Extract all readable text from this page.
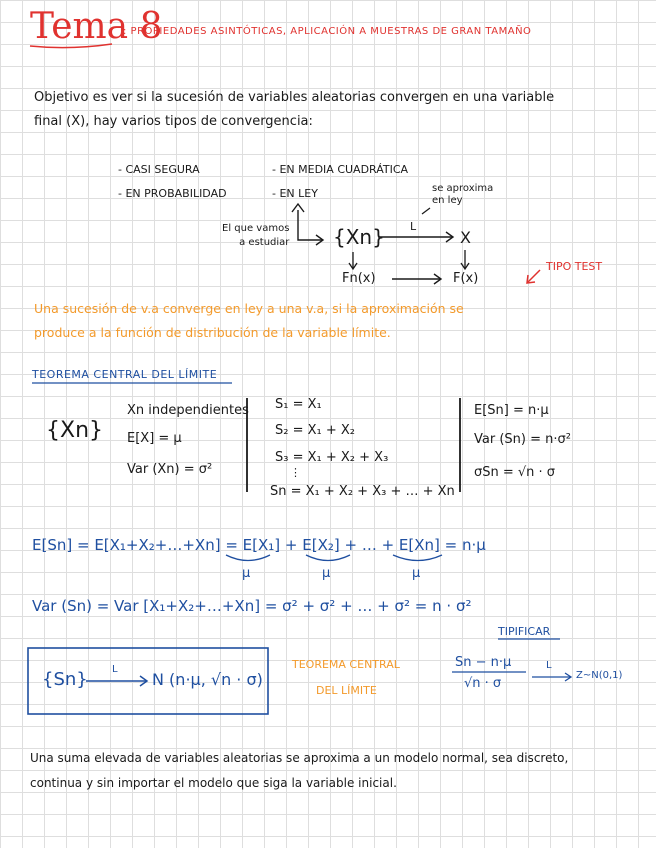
Tema 8
: PROPIEDADES ASINTÓTICAS, APLICACIÓN A MUESTRAS DE GRAN TAMAÑO
Objetivo es ver si la sucesión de variables aleatorias convergen en una variable
final (X), hay varios tipos de convergencia:
- CASI SEGURA
- EN PROBABILIDAD
- EN MEDIA CUADRÁTICA
- EN LEY
El que vamos
a estudiar {Xn} L
X
Fn(x)	F(x)
se aproxima
en ley
TIPO TEST
Una sucesión de v.a converge en ley a una v.a, si la aproximación se
produce a la función de distribución de la variable límite.
TEOREMA CENTRAL DEL LÍMITE
{Xn}
Xn independientes
E[X] = μ
Var (Xn) = σ²
S₁ = X₁
S₂ = X₁ + X₂
S₃ = X₁ + X₂ + X₃
⋮
Sn = X₁ + X₂ + X₃ + … + Xn
E[Sn] = n·μ
Var (Sn) = n·σ²
σSn = √n · σ
E[Sn] = E[X₁+X₂+…+Xn] = E[X₁] + E[X₂] + … + E[Xn] = n·μ
μ	μ	μ
Var (Sn) = Var [X₁+X₂+…+Xn] = σ² + σ² + … + σ² = n · σ²
{Sn} L
N (n·μ, √n · σ)
TEOREMA CENTRAL
DEL LÍMITE
TIPIFICAR
Sn − n·μ
√n · σ
L
Z~N(0,1)
Una suma elevada de variables aleatorias se aproxima a un modelo normal, sea discreto,
continua y sin importar el modelo que siga la variable inicial.
